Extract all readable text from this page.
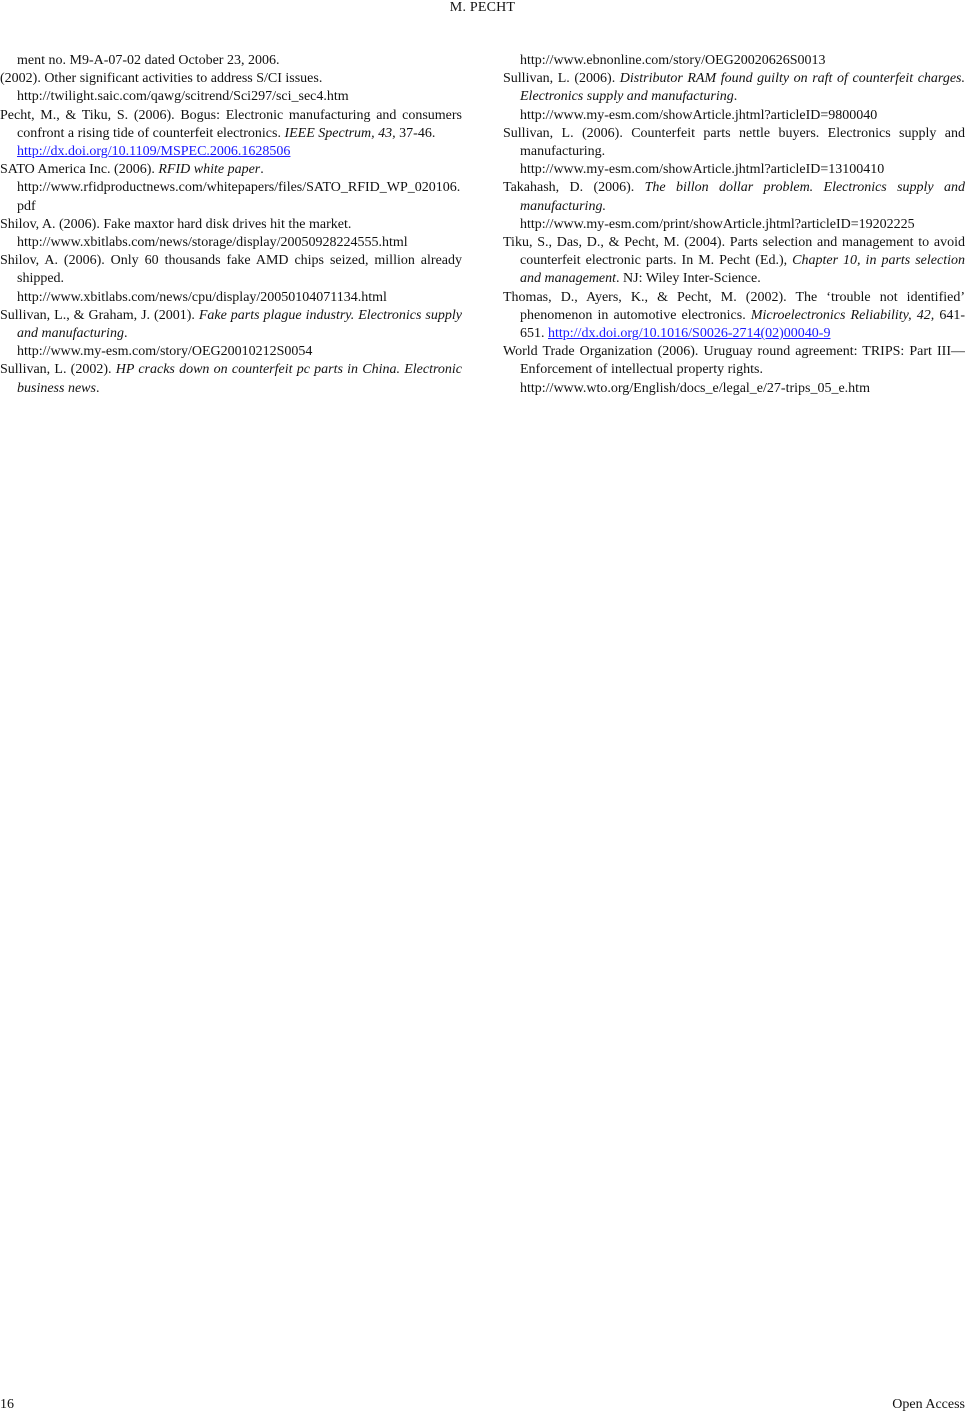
M. PECHT

ment no. M9-A-07-02 dated October 23, 2006.

(2002). Other significant activities to address S/CI issues.
http://twilight.saic.com/qawg/scitrend/Sci297/sci_sec4.htm

Pecht, M., & Tiku, S. (2006). Bogus: Electronic manufacturing and consumers confront a rising tide of counterfeit electronics. IEEE Spectrum, 43, 37-46.
http://dx.doi.org/10.1109/MSPEC.2006.1628506

SATO America Inc. (2006). RFID white paper.
http://www.rfidproductnews.com/whitepapers/files/SATO_RFID_WP_020106.pdf

Shilov, A. (2006). Fake maxtor hard disk drives hit the market.
http://www.xbitlabs.com/news/storage/display/20050928224555.html

Shilov, A. (2006). Only 60 thousands fake AMD chips seized, million already shipped.
http://www.xbitlabs.com/news/cpu/display/20050104071134.html

Sullivan, L., & Graham, J. (2001). Fake parts plague industry. Electronics supply and manufacturing.
http://www.my-esm.com/story/OEG20010212S0054

Sullivan, L. (2002). HP cracks down on counterfeit pc parts in China. Electronic business news.

http://www.ebnonline.com/story/OEG20020626S0013

Sullivan, L. (2006). Distributor RAM found guilty on raft of counterfeit charges. Electronics supply and manufacturing.
http://www.my-esm.com/showArticle.jhtml?articleID=9800040

Sullivan, L. (2006). Counterfeit parts nettle buyers. Electronics supply and manufacturing.
http://www.my-esm.com/showArticle.jhtml?articleID=13100410

Takahash, D. (2006). The billon dollar problem. Electronics supply and manufacturing.
http://www.my-esm.com/print/showArticle.jhtml?articleID=19202225

Tiku, S., Das, D., & Pecht, M. (2004). Parts selection and management to avoid counterfeit electronic parts. In M. Pecht (Ed.), Chapter 10, in parts selection and management. NJ: Wiley Inter-Science.

Thomas, D., Ayers, K., & Pecht, M. (2002). The ‘trouble not identified’ phenomenon in automotive electronics. Microelectronics Reliability, 42, 641-651. http://dx.doi.org/10.1016/S0026-2714(02)00040-9

World Trade Organization (2006). Uruguay round agreement: TRIPS: Part III—Enforcement of intellectual property rights.
http://www.wto.org/English/docs_e/legal_e/27-trips_05_e.htm

16	Open Access
